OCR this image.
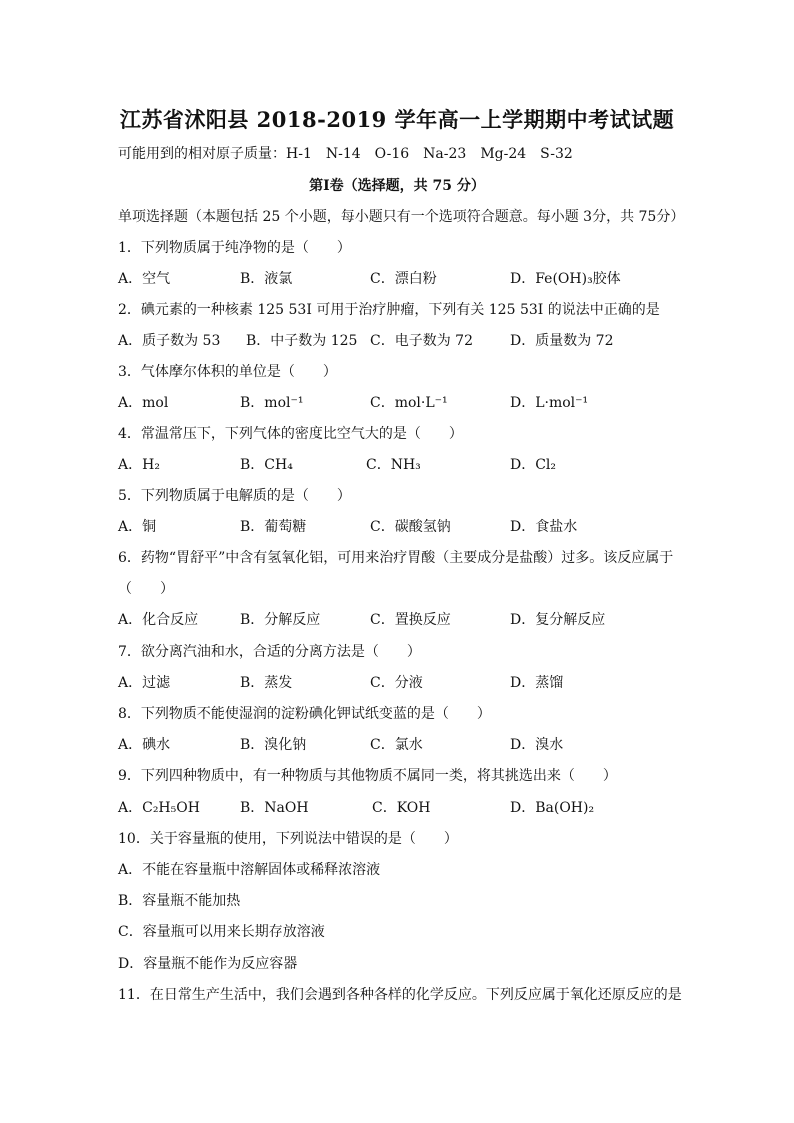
江苏省沭阳县 2018-2019 学年高一上学期期中考试试题
可能用到的相对原子质量：H-1　N-14　O-16　Na-23　Mg-24　S-32
第Ⅰ卷（选择题，共 75 分）
单项选择题（本题包括 25 个小题，每小题只有一个选项符合题意。每小题 3分，共 75分）
1．下列物质属于纯净物的是（　　）
A．空气	B．液氯	C．漂白粉	D．Fe(OH)₃胶体
2．碘元素的一种核素 125 53I 可用于治疗肿瘤，下列有关 125 53I 的说法中正确的是
A．质子数为 53 B．中子数为 125 C．电子数为 72	D．质量数为 72
3．气体摩尔体积的单位是（　　）
A．mol	B．mol⁻¹	C．mol·L⁻¹	D．L·mol⁻¹
4．常温常压下，下列气体的密度比空气大的是（　　）
A．H₂	B．CH₄	C．NH₃	D．Cl₂
5．下列物质属于电解质的是（　　）
A．铜	B．葡萄糖	C．碳酸氢钠	D．食盐水
6．药物“胃舒平”中含有氢氧化铝，可用来治疗胃酸（主要成分是盐酸）过多。该反应属于
（　　）
A．化合反应	B．分解反应	C．置换反应	D．复分解反应
7．欲分离汽油和水，合适的分离方法是（　　）
A．过滤	B．蒸发	C．分液	D．蒸馏
8．下列物质不能使湿润的淀粉碘化钾试纸变蓝的是（　　）
A．碘水	B．溴化钠	C．氯水	D．溴水
9．下列四种物质中，有一种物质与其他物质不属同一类，将其挑选出来（　　）
A．C₂H₅OH	B．NaOH	C．KOH	D．Ba(OH)₂
10．关于容量瓶的使用，下列说法中错误的是（　　）
A．不能在容量瓶中溶解固体或稀释浓溶液
B．容量瓶不能加热
C．容量瓶可以用来长期存放溶液
D．容量瓶不能作为反应容器
11．在日常生产生活中，我们会遇到各种各样的化学反应。下列反应属于氧化还原反应的是
